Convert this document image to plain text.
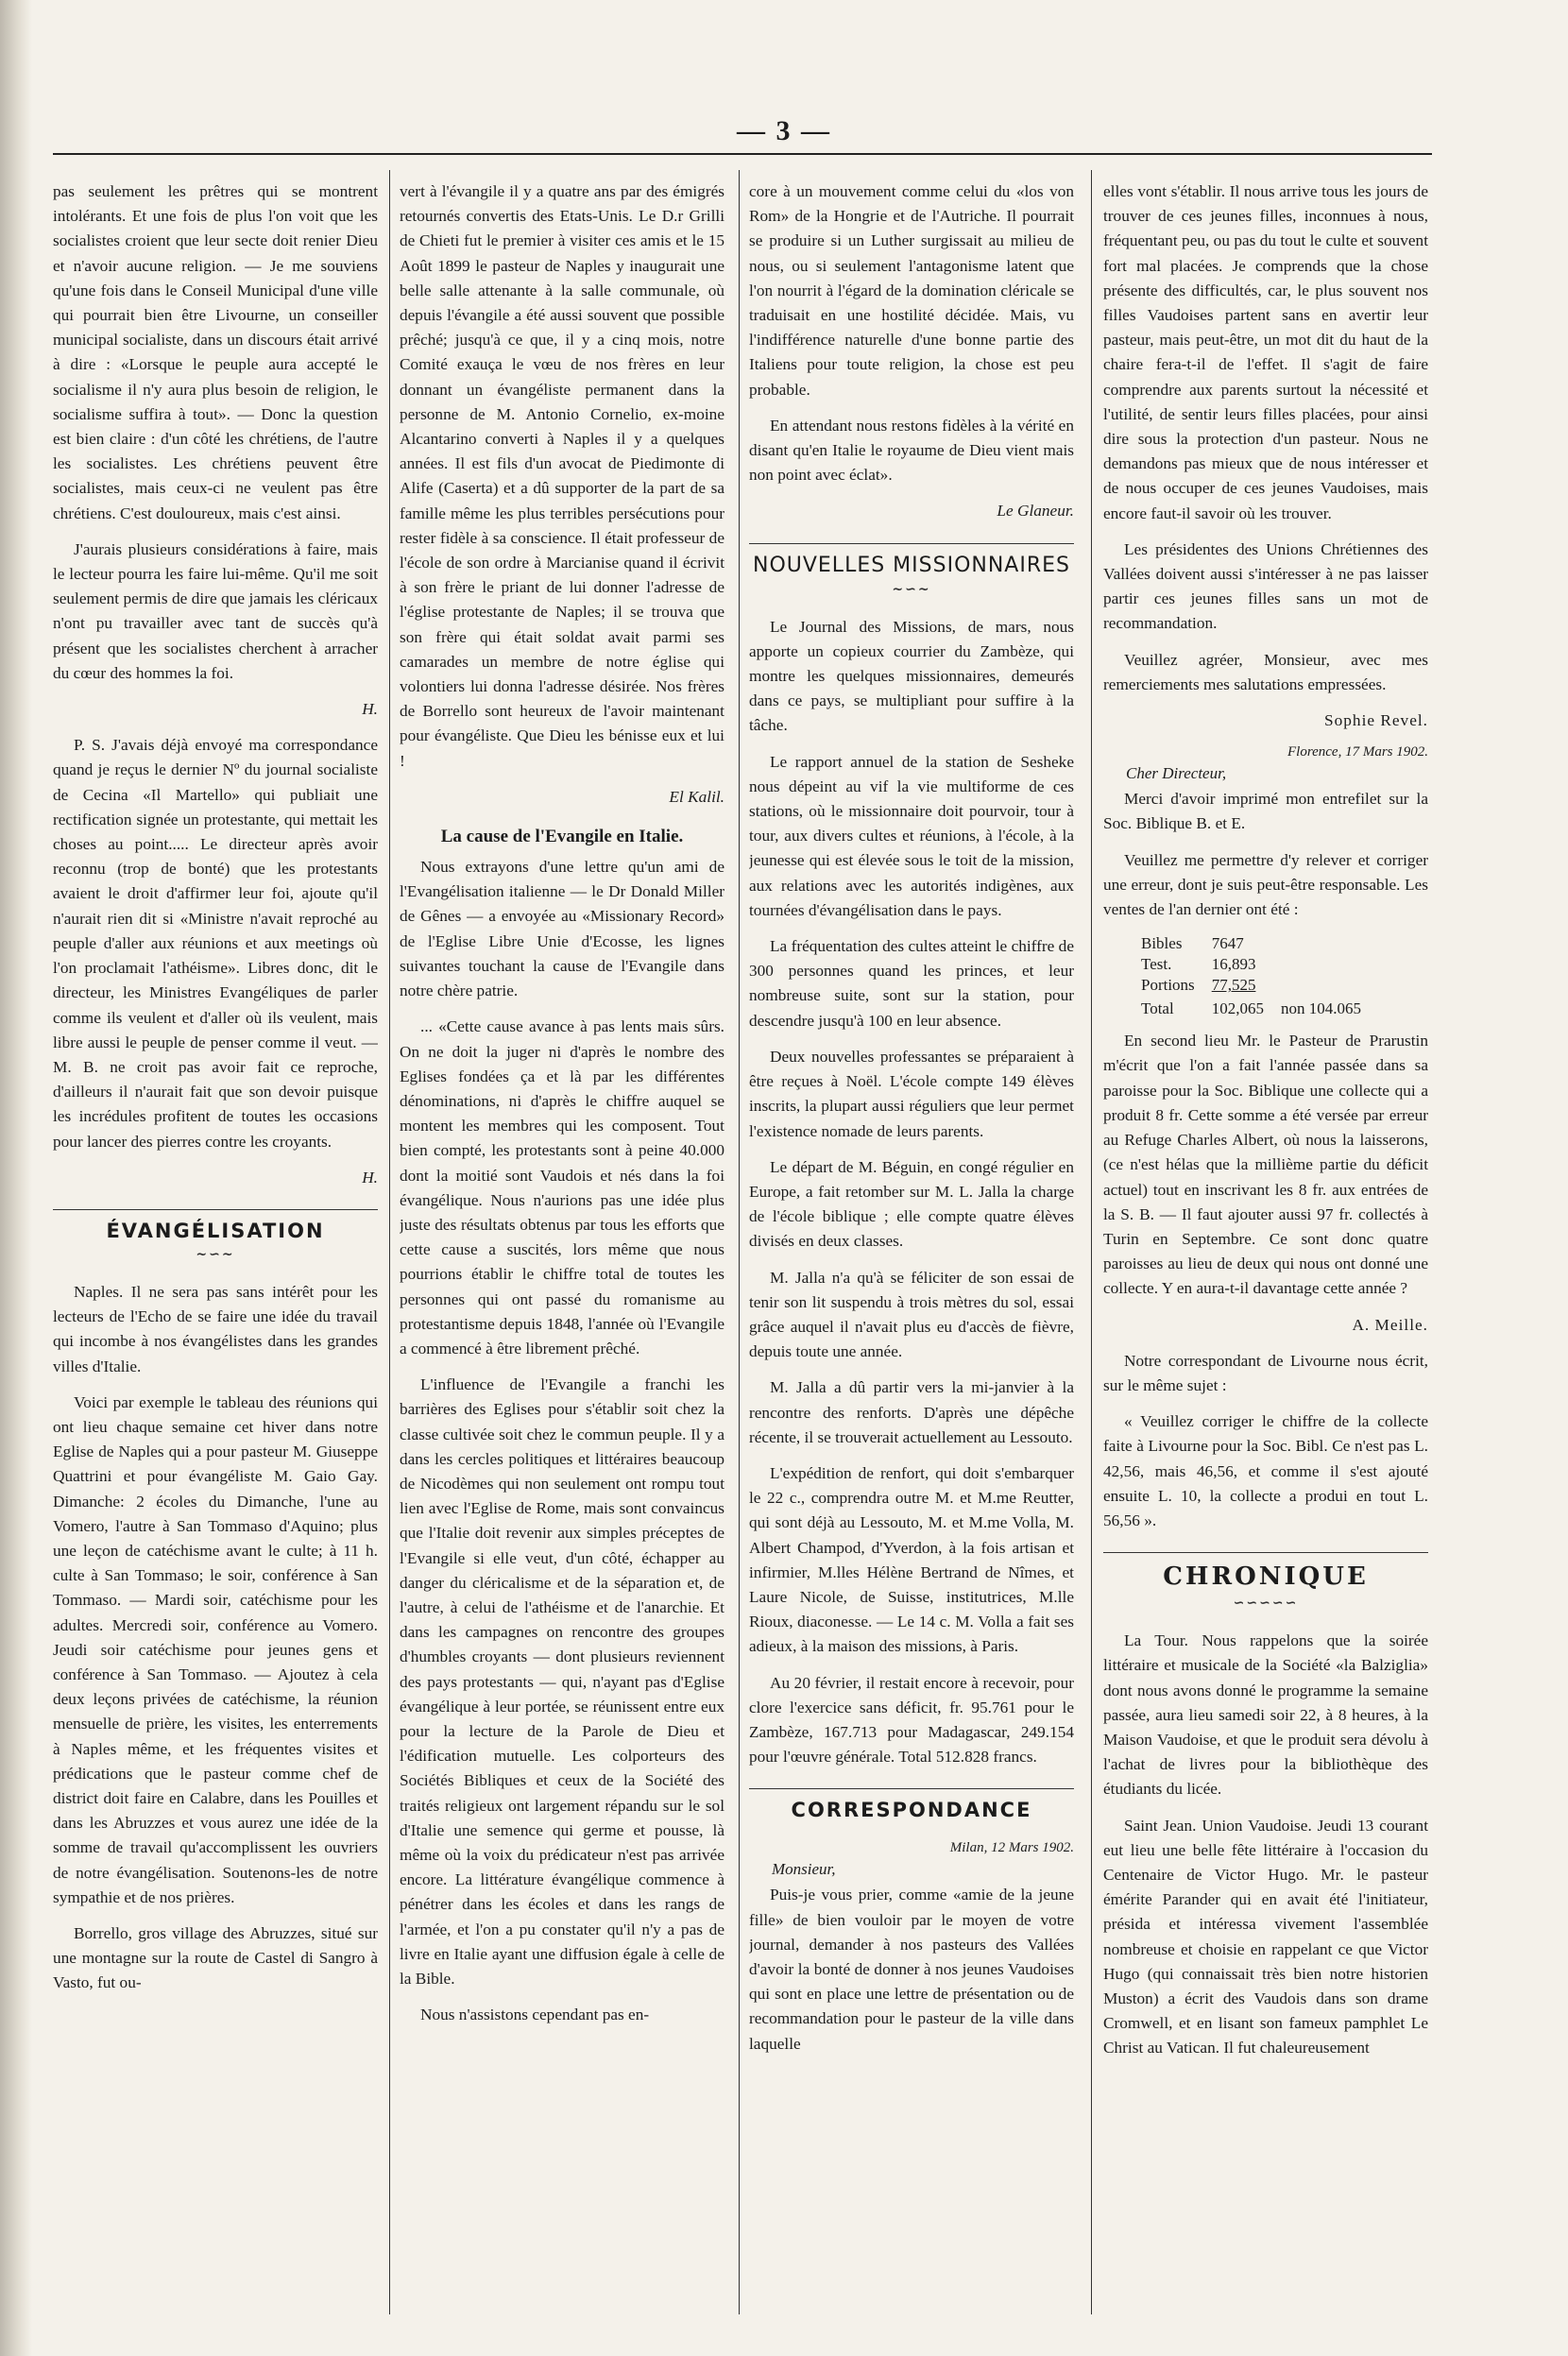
— 3 —

pas seulement les prêtres qui se montrent intolérants. Et une fois de plus l'on voit que les socialistes croient que leur secte doit renier Dieu et n'avoir aucune religion. — Je me souviens qu'une fois dans le Conseil Municipal d'une ville qui pourrait bien être Livourne, un conseiller municipal socialiste, dans un discours était arrivé à dire : «Lorsque le peuple aura accepté le socialisme il n'y aura plus besoin de religion, le socialisme suffira à tout». — Donc la question est bien claire : d'un côté les chrétiens, de l'autre les socialistes. Les chrétiens peuvent être socialistes, mais ceux-ci ne veulent pas être chrétiens. C'est douloureux, mais c'est ainsi.

J'aurais plusieurs considérations à faire, mais le lecteur pourra les faire lui-même. Qu'il me soit seulement permis de dire que jamais les cléricaux n'ont pu travailler avec tant de succès qu'à présent que les socialistes cherchent à arracher du cœur des hommes la foi.

H.

P. S. J'avais déjà envoyé ma correspondance quand je reçus le dernier Nº du journal socialiste de Cecina «Il Martello» qui publiait une rectification signée un protestante, qui mettait les choses au point..... Le directeur après avoir reconnu (trop de bonté) que les protestants avaient le droit d'affirmer leur foi, ajoute qu'il n'aurait rien dit si «Ministre n'avait reproché au peuple d'aller aux réunions et aux meetings où l'on proclamait l'athéisme». Libres donc, dit le directeur, les Ministres Evangéliques de parler comme ils veulent et d'aller où ils veulent, mais libre aussi le peuple de penser comme il veut. — M. B. ne croit pas avoir fait ce reproche, d'ailleurs il n'aurait fait que son devoir puisque les incrédules profitent de toutes les occasions pour lancer des pierres contre les croyants.

H.

ÉVANGÉLISATION
~∽~

Naples. Il ne sera pas sans intérêt pour les lecteurs de l'Echo de se faire une idée du travail qui incombe à nos évangélistes dans les grandes villes d'Italie.

Voici par exemple le tableau des réunions qui ont lieu chaque semaine cet hiver dans notre Eglise de Naples qui a pour pasteur M. Giuseppe Quattrini et pour évangéliste M. Gaio Gay. Dimanche: 2 écoles du Dimanche, l'une au Vomero, l'autre à San Tommaso d'Aquino; plus une leçon de catéchisme avant le culte; à 11 h. culte à San Tommaso; le soir, conférence à San Tommaso. — Mardi soir, catéchisme pour les adultes. Mercredi soir, conférence au Vomero. Jeudi soir catéchisme pour jeunes gens et conférence à San Tommaso. — Ajoutez à cela deux leçons privées de catéchisme, la réunion mensuelle de prière, les visites, les enterrements à Naples même, et les fréquentes visites et prédications que le pasteur comme chef de district doit faire en Calabre, dans les Pouilles et dans les Abruzzes et vous aurez une idée de la somme de travail qu'accomplissent les ouvriers de notre évangélisation. Soutenons-les de notre sympathie et de nos prières.

Borrello, gros village des Abruzzes, situé sur une montagne sur la route de Castel di Sangro à Vasto, fut ou-

vert à l'évangile il y a quatre ans par des émigrés retournés convertis des Etats-Unis. Le D.r Grilli de Chieti fut le premier à visiter ces amis et le 15 Août 1899 le pasteur de Naples y inaugurait une belle salle attenante à la salle communale, où depuis l'évangile a été aussi souvent que possible prêché; jusqu'à ce que, il y a cinq mois, notre Comité exauça le vœu de nos frères en leur donnant un évangéliste permanent dans la personne de M. Antonio Cornelio, ex-moine Alcantarino converti à Naples il y a quelques années. Il est fils d'un avocat de Piedimonte di Alife (Caserta) et a dû supporter de la part de sa famille même les plus terribles persécutions pour rester fidèle à sa conscience. Il était professeur de l'école de son ordre à Marcianise quand il écrivit à son frère le priant de lui donner l'adresse de l'église protestante de Naples; il se trouva que son frère qui était soldat avait parmi ses camarades un membre de notre église qui volontiers lui donna l'adresse désirée. Nos frères de Borrello sont heureux de l'avoir maintenant pour évangéliste. Que Dieu les bénisse eux et lui !

El Kalil.

La cause de l'Evangile en Italie.

Nous extrayons d'une lettre qu'un ami de l'Evangélisation italienne — le Dr Donald Miller de Gênes — a envoyée au «Missionary Record» de l'Eglise Libre Unie d'Ecosse, les lignes suivantes touchant la cause de l'Evangile dans notre chère patrie.

... «Cette cause avance à pas lents mais sûrs. On ne doit la juger ni d'après le nombre des Eglises fondées ça et là par les différentes dénominations, ni d'après le chiffre auquel se montent les membres qui les composent. Tout bien compté, les protestants sont à peine 40.000 dont la moitié sont Vaudois et nés dans la foi évangélique. Nous n'aurions pas une idée plus juste des résultats obtenus par tous les efforts que cette cause a suscités, lors même que nous pourrions établir le chiffre total de toutes les personnes qui ont passé du romanisme au protestantisme depuis 1848, l'année où l'Evangile a commencé à être librement prêché.

L'influence de l'Evangile a franchi les barrières des Eglises pour s'établir soit chez la classe cultivée soit chez le commun peuple. Il y a dans les cercles politiques et littéraires beaucoup de Nicodèmes qui non seulement ont rompu tout lien avec l'Eglise de Rome, mais sont convaincus que l'Italie doit revenir aux simples préceptes de l'Evangile si elle veut, d'un côté, échapper au danger du cléricalisme et de la séparation et, de l'autre, à celui de l'athéisme et de l'anarchie. Et dans les campagnes on rencontre des groupes d'humbles croyants — dont plusieurs reviennent des pays protestants — qui, n'ayant pas d'Eglise évangélique à leur portée, se réunissent entre eux pour la lecture de la Parole de Dieu et l'édification mutuelle. Les colporteurs des Sociétés Bibliques et ceux de la Société des traités religieux ont largement répandu sur le sol d'Italie une semence qui germe et pousse, là même où la voix du prédicateur n'est pas arrivée encore. La littérature évangélique commence à pénétrer dans les écoles et dans les rangs de l'armée, et l'on a pu constater qu'il n'y a pas de livre en Italie ayant une diffusion égale à celle de la Bible.

Nous n'assistons cependant pas en-

core à un mouvement comme celui du «los von Rom» de la Hongrie et de l'Autriche. Il pourrait se produire si un Luther surgissait au milieu de nous, ou si seulement l'antagonisme latent que l'on nourrit à l'égard de la domination cléricale se traduisait en une hostilité décidée. Mais, vu l'indifférence naturelle d'une bonne partie des Italiens pour toute religion, la chose est peu probable.

En attendant nous restons fidèles à la vérité en disant qu'en Italie le royaume de Dieu vient mais non point avec éclat».

Le Glaneur.

NOUVELLES MISSIONNAIRES
~∽~

Le Journal des Missions, de mars, nous apporte un copieux courrier du Zambèze, qui montre les quelques missionnaires, demeurés dans ce pays, se multipliant pour suffire à la tâche.

Le rapport annuel de la station de Sesheke nous dépeint au vif la vie multiforme de ces stations, où le missionnaire doit pourvoir, tour à tour, aux divers cultes et réunions, à l'école, à la jeunesse qui est élevée sous le toit de la mission, aux relations avec les autorités indigènes, aux tournées d'évangélisation dans le pays.

La fréquentation des cultes atteint le chiffre de 300 personnes quand les princes, et leur nombreuse suite, sont sur la station, pour descendre jusqu'à 100 en leur absence.

Deux nouvelles professantes se préparaient à être reçues à Noël. L'école compte 149 élèves inscrits, la plupart aussi réguliers que leur permet l'existence nomade de leurs parents.

Le départ de M. Béguin, en congé régulier en Europe, a fait retomber sur M. L. Jalla la charge de l'école biblique ; elle compte quatre élèves divisés en deux classes.

M. Jalla n'a qu'à se féliciter de son essai de tenir son lit suspendu à trois mètres du sol, essai grâce auquel il n'avait plus eu d'accès de fièvre, depuis toute une année.

M. Jalla a dû partir vers la mi-janvier à la rencontre des renforts. D'après une dépêche récente, il se trouverait actuellement au Lessouto.

L'expédition de renfort, qui doit s'embarquer le 22 c., comprendra outre M. et M.me Reutter, qui sont déjà au Lessouto, M. et M.me Volla, M. Albert Champod, d'Yverdon, à la fois artisan et infirmier, M.lles Hélène Bertrand de Nîmes, et Laure Nicole, de Suisse, institutrices, M.lle Rioux, diaconesse. — Le 14 c. M. Volla a fait ses adieux, à la maison des missions, à Paris.

Au 20 février, il restait encore à recevoir, pour clore l'exercice sans déficit, fr. 95.761 pour le Zambèze, 167.713 pour Madagascar, 249.154 pour l'œuvre générale. Total 512.828 francs.

CORRESPONDANCE
Milan, 12 Mars 1902.
Monsieur,

Puis-je vous prier, comme «amie de la jeune fille» de bien vouloir par le moyen de votre journal, demander à nos pasteurs des Vallées d'avoir la bonté de donner à nos jeunes Vaudoises qui sont en place une lettre de présentation ou de recommandation pour le pasteur de la ville dans laquelle

elles vont s'établir. Il nous arrive tous les jours de trouver de ces jeunes filles, inconnues à nous, fréquentant peu, ou pas du tout le culte et souvent fort mal placées. Je comprends que la chose présente des difficultés, car, le plus souvent nos filles Vaudoises partent sans en avertir leur pasteur, mais peut-être, un mot dit du haut de la chaire fera-t-il de l'effet. Il s'agit de faire comprendre aux parents surtout la nécessité et l'utilité, de sentir leurs filles placées, pour ainsi dire sous la protection d'un pasteur. Nous ne demandons pas mieux que de nous intéresser et de nous occuper de ces jeunes Vaudoises, mais encore faut-il savoir où les trouver.

Les présidentes des Unions Chrétiennes des Vallées doivent aussi s'intéresser à ne pas laisser partir ces jeunes filles sans un mot de recommandation.

Veuillez agréer, Monsieur, avec mes remerciements mes salutations empressées.

Sophie Revel.

Florence, 17 Mars 1902.
Cher Directeur,

Merci d'avoir imprimé mon entrefilet sur la Soc. Biblique B. et E.

Veuillez me permettre d'y relever et corriger une erreur, dont je suis peut-être responsable. Les ventes de l'an dernier ont été :

Bibles	7647	
Test.	16,893	
Portions	77,525	
Total	102,065	non 104.065

En second lieu Mr. le Pasteur de Prarustin m'écrit que l'on a fait l'année passée dans sa paroisse pour la Soc. Biblique une collecte qui a produit 8 fr. Cette somme a été versée par erreur au Refuge Charles Albert, où nous la laisserons, (ce n'est hélas que la millième partie du déficit actuel) tout en inscrivant les 8 fr. aux entrées de la S. B. — Il faut ajouter aussi 97 fr. collectés à Turin en Septembre. Ce sont donc quatre paroisses au lieu de deux qui nous ont donné une collecte. Y en aura-t-il davantage cette année ?

A. Meille.

Notre correspondant de Livourne nous écrit, sur le même sujet :

« Veuillez corriger le chiffre de la collecte faite à Livourne pour la Soc. Bibl. Ce n'est pas L. 42,56, mais 46,56, et comme il s'est ajouté ensuite L. 10, la collecte a produi en tout L. 56,56 ».

CHRONIQUE
∽∽∽∽∽

La Tour. Nous rappelons que la soirée littéraire et musicale de la Société «la Balziglia» dont nous avons donné le programme la semaine passée, aura lieu samedi soir 22, à 8 heures, à la Maison Vaudoise, et que le produit sera dévolu à l'achat de livres pour la bibliothèque des étudiants du licée.

Saint Jean. Union Vaudoise. Jeudi 13 courant eut lieu une belle fête littéraire à l'occasion du Centenaire de Victor Hugo. Mr. le pasteur émérite Parander qui en avait été l'initiateur, présida et intéressa vivement l'assemblée nombreuse et choisie en rappelant ce que Victor Hugo (qui connaissait très bien notre historien Muston) a écrit des Vaudois dans son drame Cromwell, et en lisant son fameux pamphlet Le Christ au Vatican. Il fut chaleureusement
